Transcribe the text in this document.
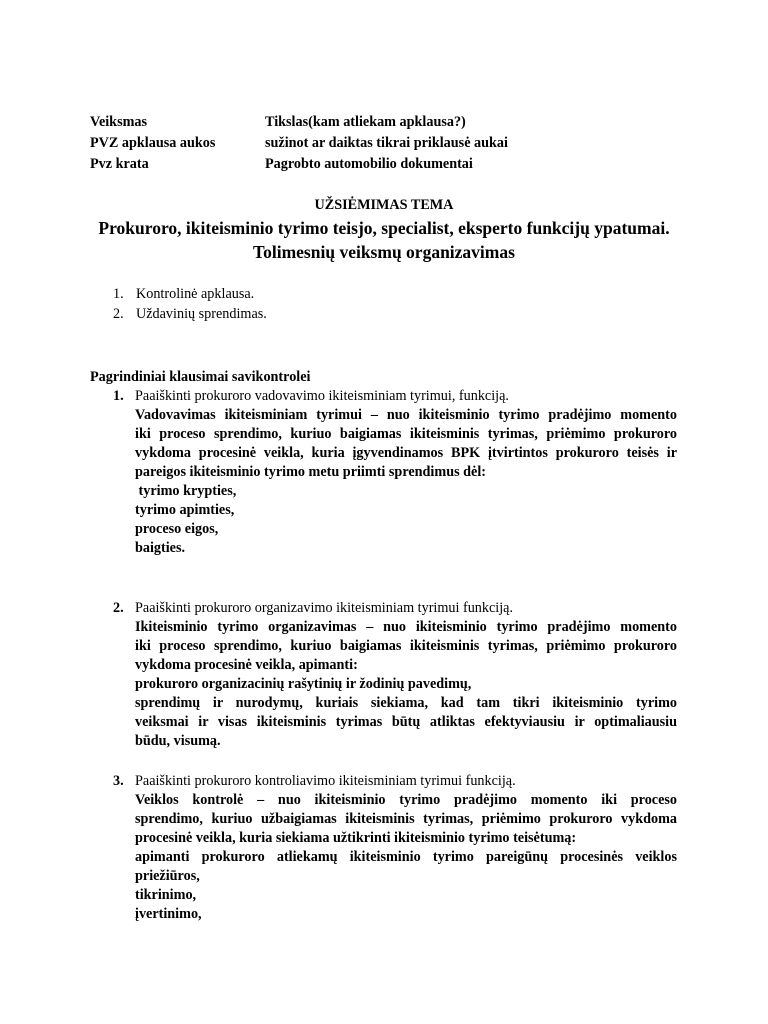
Veiksmas	Tikslas(kam atliekam apklausa?)
PVZ apklausa aukos	sužinot ar daiktas tikrai priklausė aukai
Pvz krata	Pagrobto automobilio dokumentai
UŽSIĖMIMAS TEMA
Prokuroro, ikiteisminio tyrimo teisjo, specialist, eksperto funkcijų ypatumai.
Tolimesnių veiksmų organizavimas
1. Kontrolinė apklausa.
2. Uždavinių sprendimas.
Pagrindiniai klausimai savikontrolei
1. Paaiškinti prokuroro vadovavimo ikiteisminiam tyrimui, funkciją.
Vadovavimas ikiteisminiam tyrimui – nuo ikiteisminio tyrimo pradėjimo momento
iki proceso sprendimo, kuriuo baigiamas ikiteisminis tyrimas, priėmimo prokuroro
vykdoma procesinė veikla, kuria įgyvendinamos BPK įtvirtintos prokuroro teisės ir
pareigos ikiteisminio tyrimo metu priimti sprendimus dėl:
tyrimo krypties,
tyrimo apimties,
proceso eigos,
baigties.
2. Paaiškinti prokuroro organizavimo ikiteisminiam tyrimui funkciją.
Ikiteisminio tyrimo organizavimas – nuo ikiteisminio tyrimo pradėjimo momento
iki proceso sprendimo, kuriuo baigiamas ikiteisminis tyrimas, priėmimo prokuroro
vykdoma procesinė veikla, apimanti:
prokuroro organizacinių rašytinių ir žodinių pavedimų,
sprendimų ir nurodymų, kuriais siekiama, kad tam tikri ikiteisminio tyrimo
veiksmai ir visas ikiteisminis tyrimas būtų atliktas efektyviausiu ir optimaliausiu
būdu, visumą.
3. Paaiškinti prokuroro kontroliavimo ikiteisminiam tyrimui funkciją.
Veiklos kontrolė – nuo ikiteisminio tyrimo pradėjimo momento iki proceso
sprendimo, kuriuo užbaigiamas ikiteisminis tyrimas, priėmimo prokuroro vykdoma
procesinė veikla, kuria siekiama užtikrinti ikiteisminio tyrimo teisėtumą:
apimanti prokuroro atliekamų ikiteisminio tyrimo pareigūnų procesinės veiklos
priežiūros,
tikrinimo,
įvertinimo,
